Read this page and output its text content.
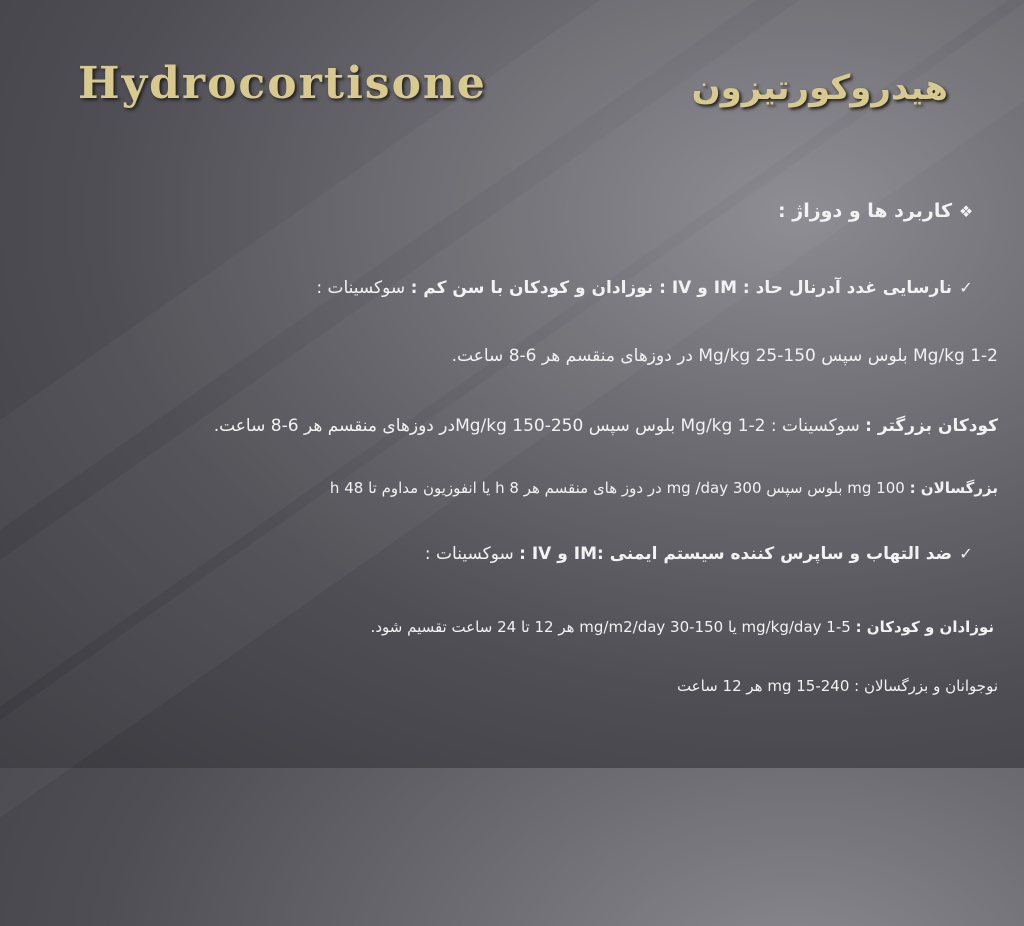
Hydrocortisone	هیدروکورتیزون

❖کاربرد ها و دوزاژ :

✓نارسایی غدد آدرنال حاد : IM و IV : نوزادان و کودکان با سن کم : سوکسینات :

Mg/kg 1-2 بلوس سپس Mg/kg 25-150 در دوزهای منقسم هر 6-8 ساعت.

کودکان بزرگتر : سوکسینات : Mg/kg 1-2 بلوس سپس Mg/kg 150-250در دوزهای منقسم هر 6-8 ساعت.

بزرگسالان : mg 100 بلوس سپس mg /day 300 در دوز های منقسم هر h 8 یا انفوزیون مداوم تا h 48

✓ضد التهاب و ساپرس کننده سیستم ایمنی :IM و IV : سوکسینات :

نوزادان و کودکان : mg/kg/day 1-5 یا mg/m2/day 30-150 هر 12 تا 24 ساعت تقسیم شود.

نوجوانان و بزرگسالان : mg 15-240 هر 12 ساعت
